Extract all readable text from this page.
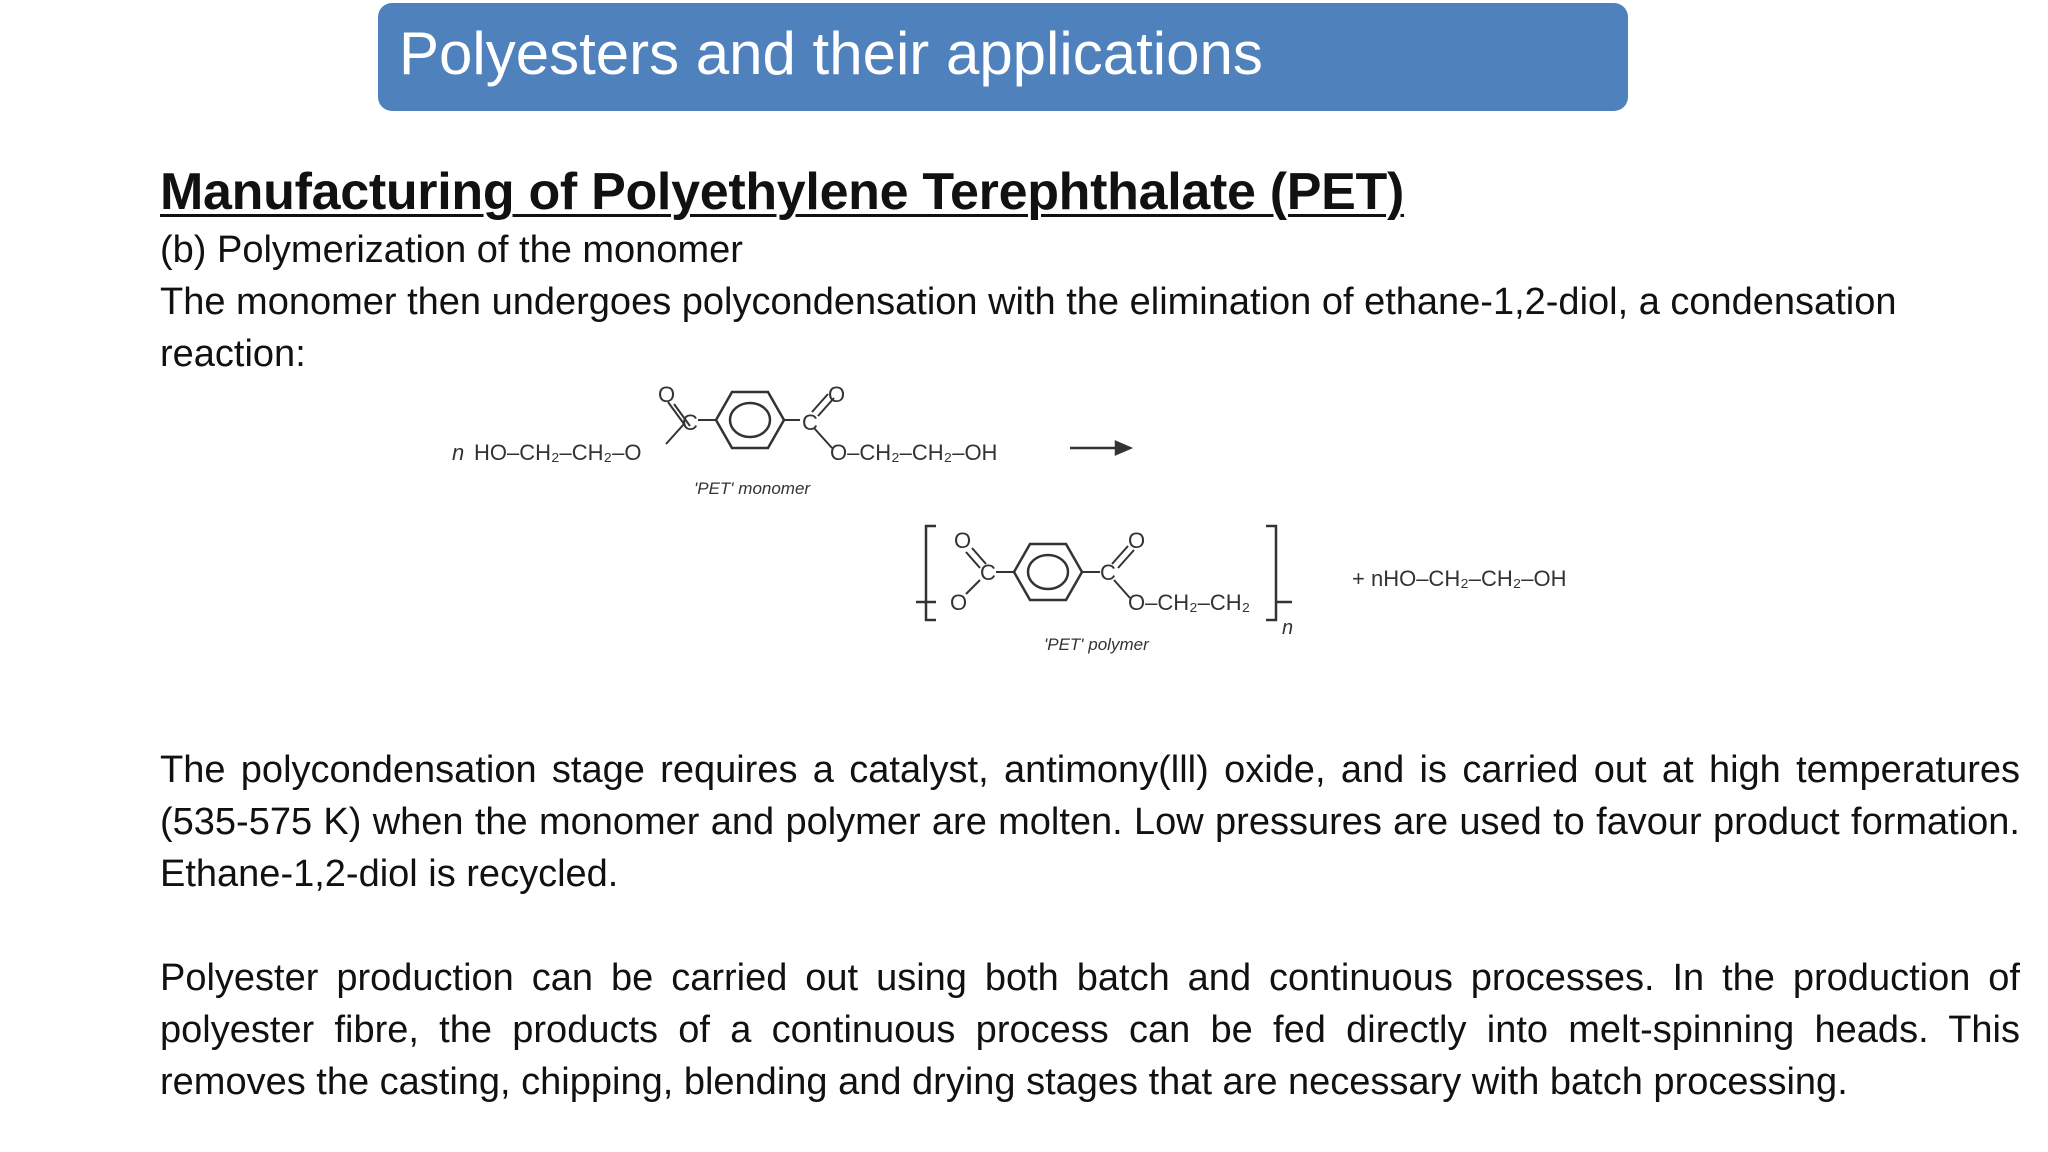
Polyesters and their applications

Manufacturing of Polyethylene Terephthalate (PET)

(b) Polymerization of the monomer

The monomer then undergoes polycondensation with the elimination of ethane-1,2-diol, a condensation reaction:

n HO–CH₂–CH₂–O
O
C	C
O
O–CH₂–CH₂–OH
'PET' monomer
O
O
C	C
O
O–CH₂–CH₂
n
'PET' polymer
+ nHO–CH₂–CH₂–OH

The polycondensation stage requires a catalyst, antimony(lll) oxide, and is carried out at high temperatures (535-575 K) when the monomer and polymer are molten. Low pressures are used to favour product formation. Ethane-1,2-diol is recycled.

Polyester production can be carried out using both batch and continuous processes. In the production of polyester fibre, the products of a continuous process can be fed directly into melt-spinning heads. This removes the casting, chipping, blending and drying stages that are necessary with batch processing.
